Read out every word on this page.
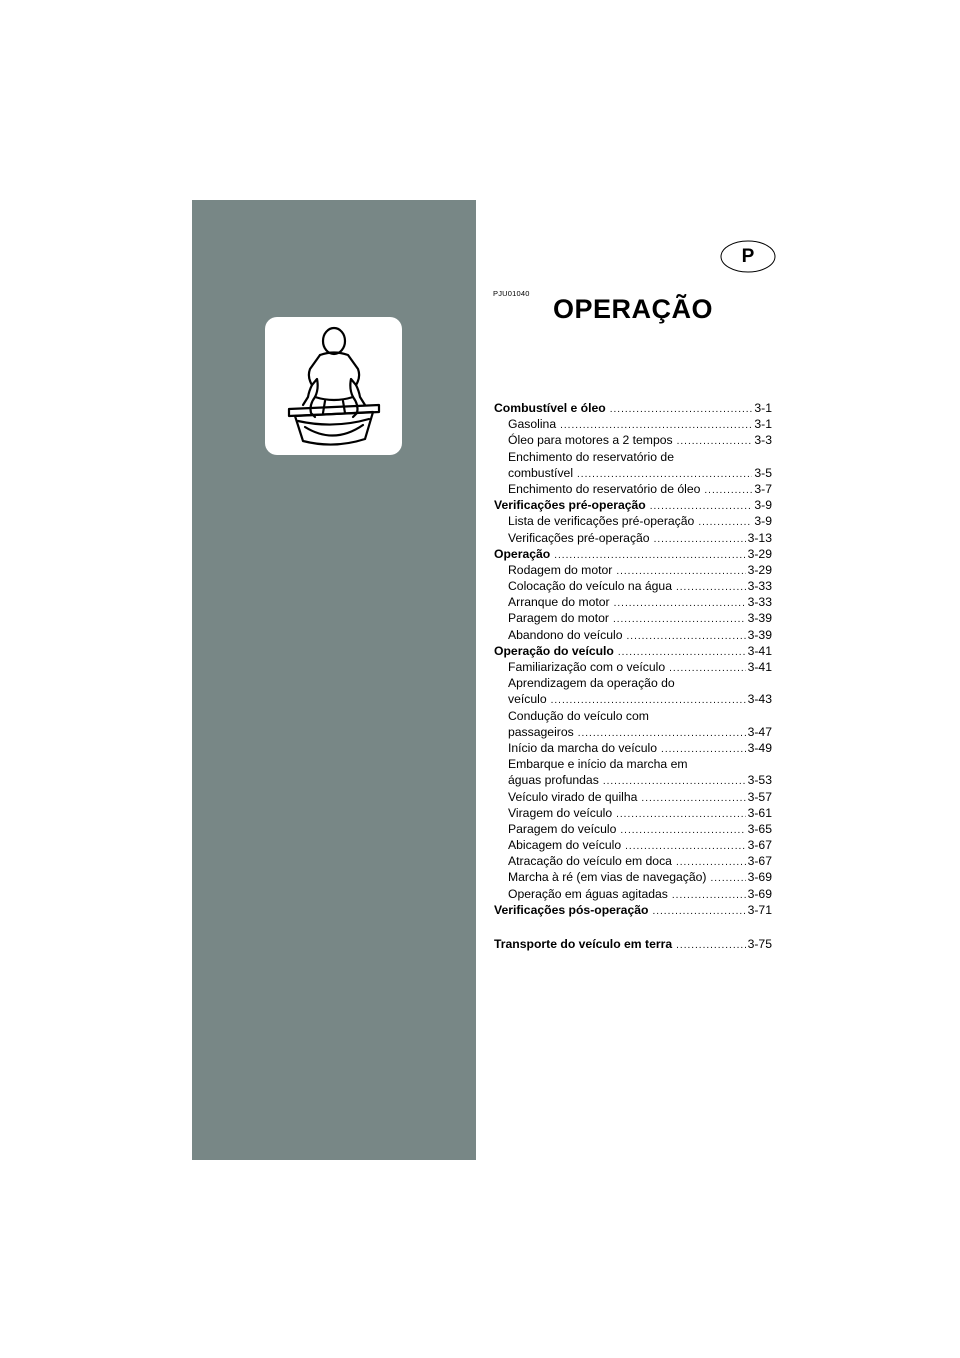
P
PJU01040
OPERAÇÃO
Combustível e óleo .....	3-1
Gasolina .....	3-1
Óleo para motores a 2 tempos .....	3-3
Enchimento do reservatório de
combustível .....	3-5
Enchimento do reservatório de óleo .....	3-7
Verificações pré-operação .....	3-9
Lista de verificações pré-operação .....	3-9
Verificações pré-operação .....	3-13
Operação .....	3-29
Rodagem do motor .....	3-29
Colocação do veículo na água .....	3-33
Arranque do motor .....	3-33
Paragem do motor .....	3-39
Abandono do veículo .....	3-39
Operação do veículo .....	3-41
Familiarização com o veículo .....	3-41
Aprendizagem da operação do
veículo .....	3-43
Condução do veículo com
passageiros .....	3-47
Início da marcha do veículo .....	3-49
Embarque e início da marcha em
águas profundas .....	3-53
Veículo virado de quilha .....	3-57
Viragem do veículo .....	3-61
Paragem do veículo .....	3-65
Abicagem do veículo .....	3-67
Atracação do veículo em doca .....	3-67
Marcha à ré (em vias de navegação) .....	3-69
Operação em águas agitadas .....	3-69
Verificações pós-operação .....	3-71
Transporte do veículo em terra .....	3-75
